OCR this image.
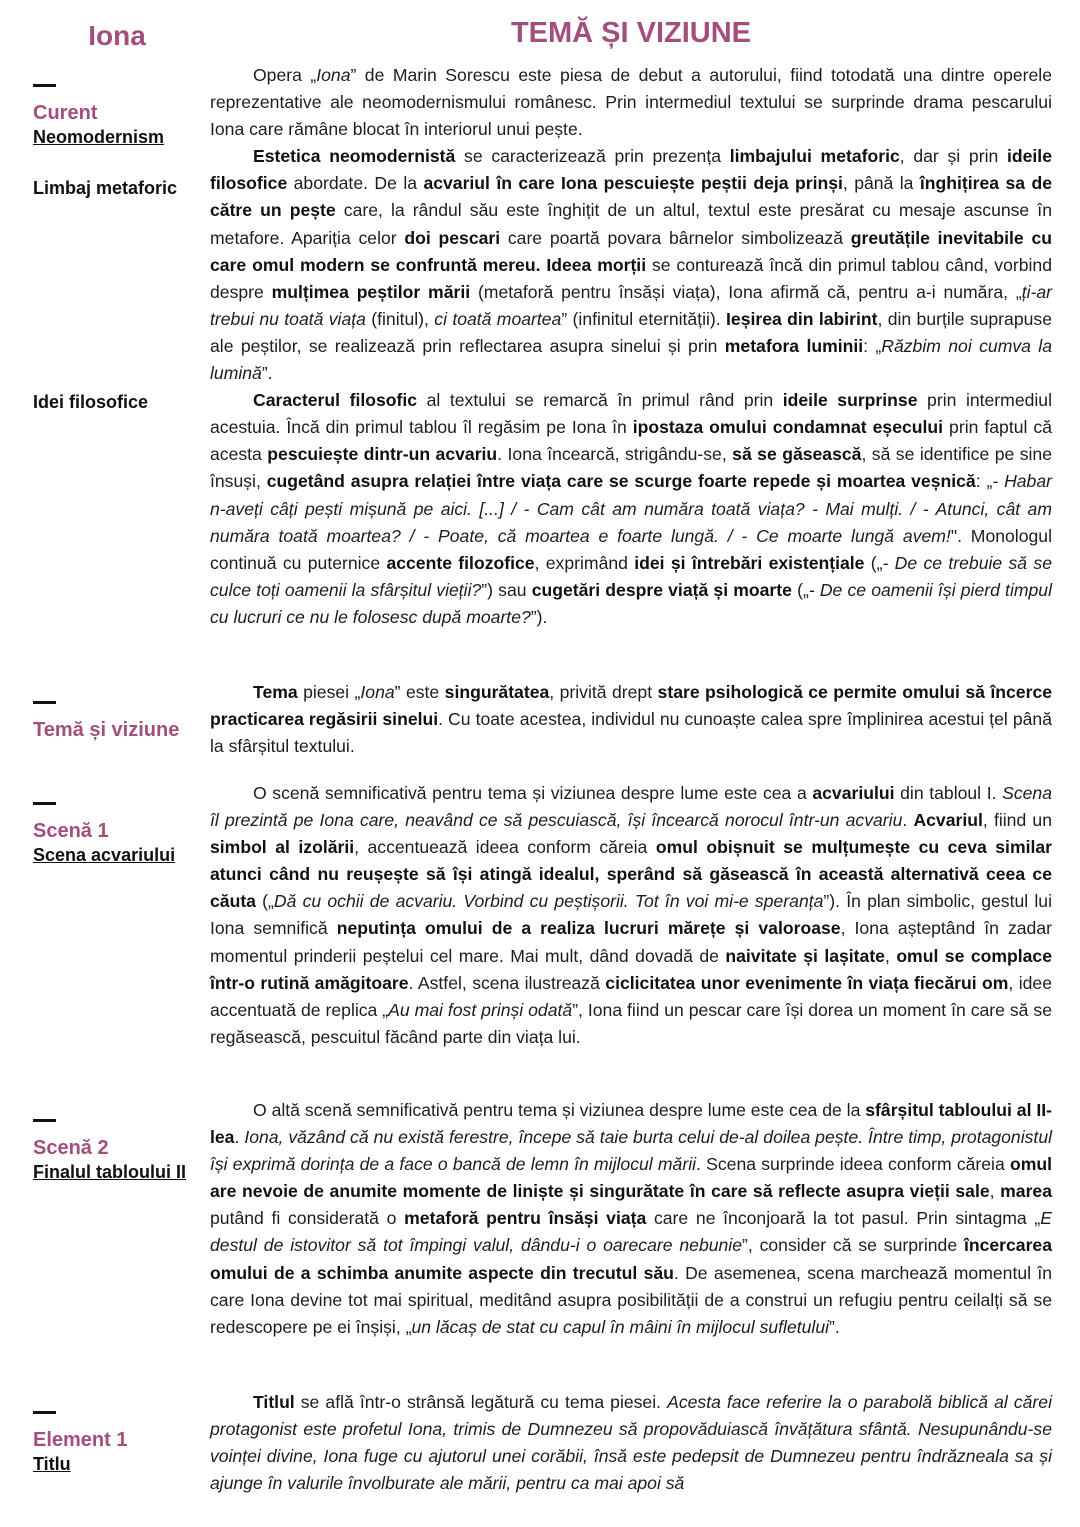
Iona	TEMĂ ȘI VIZIUNE
Curent
Neomodernism
Limbaj metaforic
Idei filosofice
Temă și viziune
Scenă 1
Scena acvariului
Scenă 2
Finalul tabloului II
Element 1
Titlu

Opera „Iona” de Marin Sorescu este piesa de debut a autorului, fiind totodată una dintre operele reprezentative ale neomodernismului românesc. Prin intermediul textului se surprinde drama pescarului Iona care rămâne blocat în interiorul unui pește.

Estetica neomodernistă se caracterizează prin prezența limbajului metaforic, dar și prin ideile filosofice abordate. De la acvariul în care Iona pescuiește peștii deja prinși, până la înghițirea sa de către un pește care, la rândul său este înghițit de un altul, textul este presărat cu mesaje ascunse în metafore. Apariția celor doi pescari care poartă povara bârnelor simbolizează greutățile inevitabile cu care omul modern se confruntă mereu. Ideea morții se conturează încă din primul tablou când, vorbind despre mulțimea peștilor mării (metaforă pentru însăși viața), Iona afirmă că, pentru a-i număra, „ți-ar trebui nu toată viața (finitul), ci toată moartea” (infinitul eternității). Ieșirea din labirint, din burțile suprapuse ale peștilor, se realizează prin reflectarea asupra sinelui și prin metafora luminii: „Răzbim noi cumva la lumină”.

Caracterul filosofic al textului se remarcă în primul rând prin ideile surprinse prin intermediul acestuia. Încă din primul tablou îl regăsim pe Iona în ipostaza omului condamnat eșecului prin faptul că acesta pescuiește dintr-un acvariu. Iona încearcă, strigându-se, să se găsească, să se identifice pe sine însuși, cugetând asupra relației între viața care se scurge foarte repede și moartea veșnică: „- Habar n-aveți câți pești mișună pe aici. [...] / - Cam cât am număra toată viața? - Mai mulți. / - Atunci, cât am număra toată moartea? / - Poate, că moartea e foarte lungă. / - Ce moarte lungă avem!". Monologul continuă cu puternice accente filozofice, exprimând idei și întrebări existențiale („- De ce trebuie să se culce toți oamenii la sfârșitul vieții?”) sau cugetări despre viață și moarte („- De ce oamenii își pierd timpul cu lucruri ce nu le folosesc după moarte?”).

Tema piesei „Iona” este singurătatea, privită drept stare psihologică ce permite omului să încerce practicarea regăsirii sinelui. Cu toate acestea, individul nu cunoaște calea spre împlinirea acestui țel până la sfârșitul textului.

O scenă semnificativă pentru tema și viziunea despre lume este cea a acvariului din tabloul I. Scena îl prezintă pe Iona care, neavând ce să pescuiască, își încearcă norocul într-un acvariu. Acvariul, fiind un simbol al izolării, accentuează ideea conform căreia omul obișnuit se mulțumește cu ceva similar atunci când nu reușește să își atingă idealul, sperând să găsească în această alternativă ceea ce căuta („Dă cu ochii de acvariu. Vorbind cu peștișorii. Tot în voi mi-e speranța”). În plan simbolic, gestul lui Iona semnifică neputința omului de a realiza lucruri mărețe și valoroase, Iona așteptând în zadar momentul prinderii peștelui cel mare. Mai mult, dând dovadă de naivitate și lașitate, omul se complace într-o rutină amăgitoare. Astfel, scena ilustrează ciclicitatea unor evenimente în viața fiecărui om, idee accentuată de replica „Au mai fost prinși odată”, Iona fiind un pescar care își dorea un moment în care să se regăsească, pescuitul făcând parte din viața lui.

O altă scenă semnificativă pentru tema și viziunea despre lume este cea de la sfârșitul tabloului al II-lea. Iona, văzând că nu există ferestre, începe să taie burta celui de-al doilea pește. Între timp, protagonistul își exprimă dorința de a face o bancă de lemn în mijlocul mării. Scena surprinde ideea conform căreia omul are nevoie de anumite momente de liniște și singurătate în care să reflecte asupra vieții sale, marea putând fi considerată o metaforă pentru însăși viața care ne înconjoară la tot pasul. Prin sintagma „E destul de istovitor să tot împingi valul, dându-i o oarecare nebunie”, consider că se surprinde încercarea omului de a schimba anumite aspecte din trecutul său. De asemenea, scena marchează momentul în care Iona devine tot mai spiritual, meditând asupra posibilității de a construi un refugiu pentru ceilalți să se redescopere pe ei înșiși, „un lăcaș de stat cu capul în mâini în mijlocul sufletului”.

Titlul se află într-o strânsă legătură cu tema piesei. Acesta face referire la o parabolă biblică al cărei protagonist este profetul Iona, trimis de Dumnezeu să propovăduiască învățătura sfântă. Nesupunându-se voinței divine, Iona fuge cu ajutorul unei corăbii, însă este pedepsit de Dumnezeu pentru îndrăzneala sa și ajunge în valurile învolburate ale mării, pentru ca mai apoi să
